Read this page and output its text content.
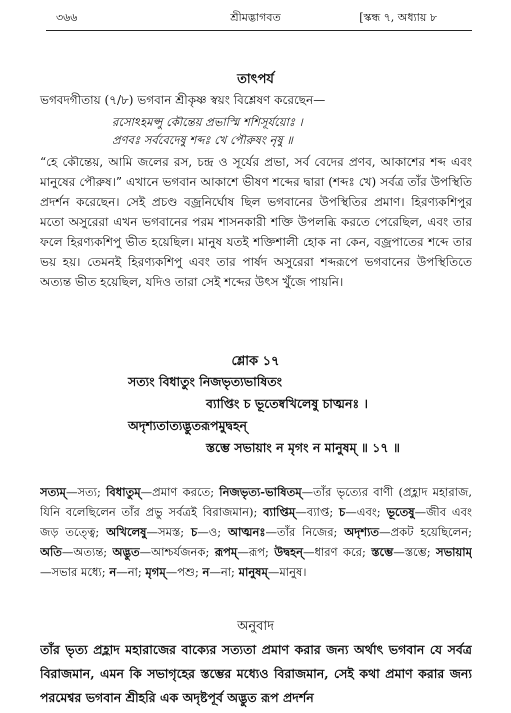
৩৬৬	শ্রীমদ্ভাগবত	[স্কন্ধ ৭, অধ্যায় ৮
তাৎপর্য
ভগবদগীতায় (৭/৮) ভগবান শ্রীকৃষ্ণ স্বয়ং বিশ্লেষণ করেছেন—
রসোঽহমপ্সু কৌন্তেয় প্রভাস্মি শশিসূর্যয়োঃ ।
প্রণবঃ সর্ববেদেষু শব্দঃ খে পৌরুষং নৃষু ॥

“হে কৌন্তেয়, আমি জলের রস, চন্দ্র ও সূর্যের প্রভা, সর্ব বেদের প্রণব, আকাশের শব্দ এবং মানুষের পৌরুষ।” এখানে ভগবান আকাশে ভীষণ শব্দের দ্বারা (শব্দঃ খে) সর্বত্র তাঁর উপস্থিতি প্রদর্শন করেছেন। সেই প্রচণ্ড বজ্রনির্ঘোষ ছিল ভগবানের উপস্থিতির প্রমাণ। হিরণ্যকশিপুর মতো অসুরেরা এখন ভগবানের পরম শাসনকারী শক্তি উপলব্ধি করতে পেরেছিল, এবং তার ফলে হিরণ্যকশিপু ভীত হয়েছিল। মানুষ যতই শক্তিশালী হোক না কেন, বজ্রপাতের শব্দে তার ভয় হয়। তেমনই হিরণ্যকশিপু এবং তার পার্ষদ অসুরেরা শব্দরূপে ভগবানের উপস্থিতিতে অত্যন্ত ভীত হয়েছিল, যদিও তারা সেই শব্দের উৎস খুঁজে পায়নি।

শ্লোক ১৭
সত্যং বিধাতুং নিজভৃত্যভাষিতং
ব্যাপ্তিং চ ভূতেষ্বখিলেষু চাত্মনঃ ।
অদৃশ্যতাত্যদ্ভুতরূপমুদ্বহন্
স্তম্ভে সভায়াং ন মৃগং ন মানুষম্ ॥ ১৭ ॥

সত্যম্—সত্য; বিধাতুম্—প্রমাণ করতে; নিজভৃত্য-ভাষিতম্—তাঁর ভৃত্যের বাণী (প্রহ্লাদ মহারাজ, যিনি বলেছিলেন তাঁর প্রভু সর্বত্রই বিরাজমান); ব্যাপ্তিম্—ব্যাপ্ত; চ—এবং; ভূতেষু—জীব এবং জড় তত্ত্বে; অখিলেষু—সমস্ত; চ—ও; আত্মনঃ—তাঁর নিজের; অদৃশ্যত—প্রকট হয়েছিলেন; অতি—অত্যন্ত; অদ্ভুত—আশ্চর্যজনক; রূপম্—রূপ; উদ্বহন্—ধারণ করে; স্তম্ভে—স্তম্ভে; সভায়াম্—সভার মধ্যে; ন—না; মৃগম্—পশু; ন—না; মানুষম্—মানুষ।

অনুবাদ

তাঁর ভৃত্য প্রহ্লাদ মহারাজের বাক্যের সত্যতা প্রমাণ করার জন্য অর্থাৎ ভগবান যে সর্বত্র বিরাজমান, এমন কি সভাগৃহের স্তম্ভের মধ্যেও বিরাজমান, সেই কথা প্রমাণ করার জন্য পরমেশ্বর ভগবান শ্রীহরি এক অদৃষ্টপূর্ব অদ্ভুত রূপ প্রদর্শন
